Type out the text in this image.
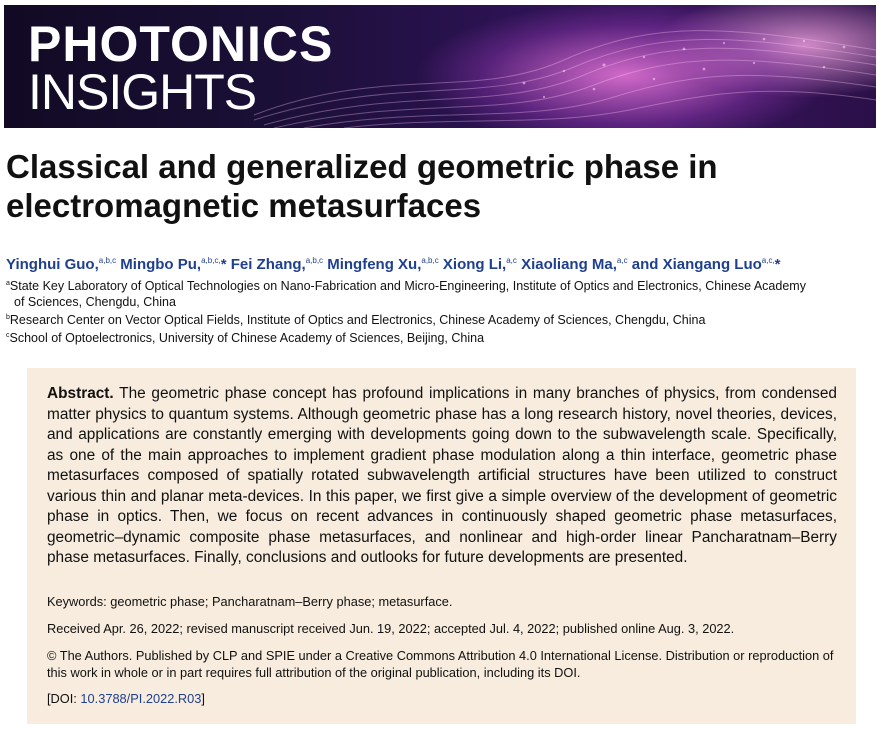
PHOTONICS
INSIGHTS
Classical and generalized geometric phase in electromagnetic metasurfaces
Yinghui Guo,$^{a,b,c}$ Mingbo Pu,$^{a,b,c,}$* Fei Zhang,$^{a,b,c}$ Mingfeng Xu,$^{a,b,c}$ Xiong Li,$^{a,c}$ Xiaoliang Ma,$^{a,c}$ and Xiangang Luo$^{a,c,}$*
$^a$State Key Laboratory of Optical Technologies on Nano-Fabrication and Micro-Engineering, Institute of Optics and Electronics, Chinese Academy
of Sciences, Chengdu, China
$^b$Research Center on Vector Optical Fields, Institute of Optics and Electronics, Chinese Academy of Sciences, Chengdu, China
$^c$School of Optoelectronics, University of Chinese Academy of Sciences, Beijing, China

Abstract. The geometric phase concept has profound implications in many branches of physics, from condensed matter physics to quantum systems. Although geometric phase has a long research history, novel theories, devices, and applications are constantly emerging with developments going down to the subwavelength scale. Specifically, as one of the main approaches to implement gradient phase modulation along a thin interface, geometric phase metasurfaces composed of spatially rotated subwavelength artificial structures have been utilized to construct various thin and planar meta-devices. In this paper, we first give a simple overview of the development of geometric phase in optics. Then, we focus on recent advances in continuously shaped geometric phase metasurfaces, geometric–dynamic composite phase metasurfaces, and nonlinear and high-order linear Pancharatnam–Berry phase metasurfaces. Finally, conclusions and outlooks for future developments are presented.

Keywords: geometric phase; Pancharatnam–Berry phase; metasurface.

Received Apr. 26, 2022; revised manuscript received Jun. 19, 2022; accepted Jul. 4, 2022; published online Aug. 3, 2022.

© The Authors. Published by CLP and SPIE under a Creative Commons Attribution 4.0 International License. Distribution or reproduction of this work in whole or in part requires full attribution of the original publication, including its DOI.

[DOI: 10.3788/PI.2022.R03]
